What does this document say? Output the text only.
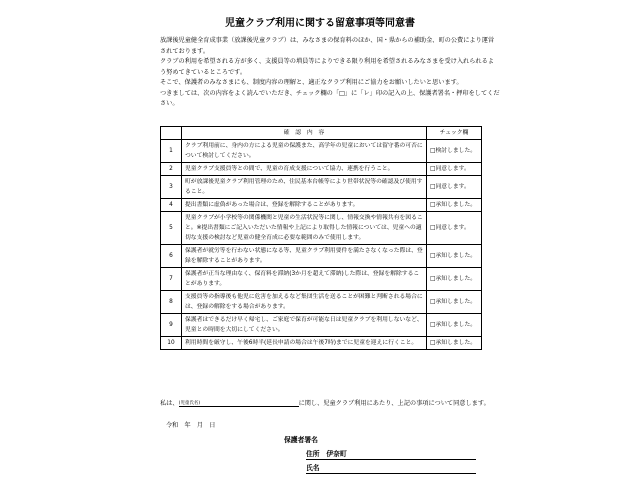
児童クラブ利用に関する留意事項等同意書

放課後児童健全育成事業（放課後児童クラブ）は、みなさまの保育料のほか、国・県からの補助金、町の公費により運営されております。

クラブの利用を希望される方が多く、支援員等の増員等によりできる限り利用を希望されるみなさまを受け入れられるよう努めてきているところです。

そこで、保護者のみなさまにも、制度内容の理解と、適正なクラブ利用にご協力をお願いしたいと思います。

つきましては、次の内容をよく読んでいただき、チェック欄の「□」に「レ」印の記入の上、保護者署名・押印をしてください。

	確　認　内　容	チェック欄
1	クラブ利用前に、身内の方による児童の保護また、高学年の児童においては留守番の可否について検討してください。	□検討しました。
2	児童クラブ支援員等との間で、児童の育成支援について協力、連携を行うこと。	□同意します。
3	町が放課後児童クラブ利用管理のため、住民基本台帳等により世帯状況等の確認及び使用すること。	□同意します。
4	提出書類に虚偽があった場合は、登録を解除することがあります。	□承知しました。
5	児童クラブが小学校等の関係機関と児童の生活状況等に関し、情報交換や情報共有を図ること。※提出書類にご記入いただいた情報や上記により取得した情報については、児童への適切な支援の検討など児童の健全育成に必要な範囲のみで使用します。	□同意します。
6	保護者が就労等を行わない状態になる等、児童クラブ利用要件を満たさなくなった際は、登録を解除することがあります。	□承知しました。
7	保護者が正当な理由なく、保育料を滞納(3か月を超えて滞納)した際は、登録を解除することがあります。	□承知しました。
8	支援員等の指導後も他児に危害を加えるなど集団生活を送ることが困難と判断される場合には、登録の解除をする場合があります。	□承知しました。
9	保護者はできるだけ早く帰宅し、ご家庭で保育が可能な日は児童クラブを利用しないなど、児童との時間を大切にしてください。	□承知しました。
10	利用時間を厳守し、午後6時半(延長申請の場合は午後7時)までに児童を迎えに行くこと。	□承知しました。
私は、(児童氏名)	に関し、児童クラブ利用にあたり、上記の事項について同意します。
令和　年　月　日
保護者署名
住所　伊奈町
氏名
